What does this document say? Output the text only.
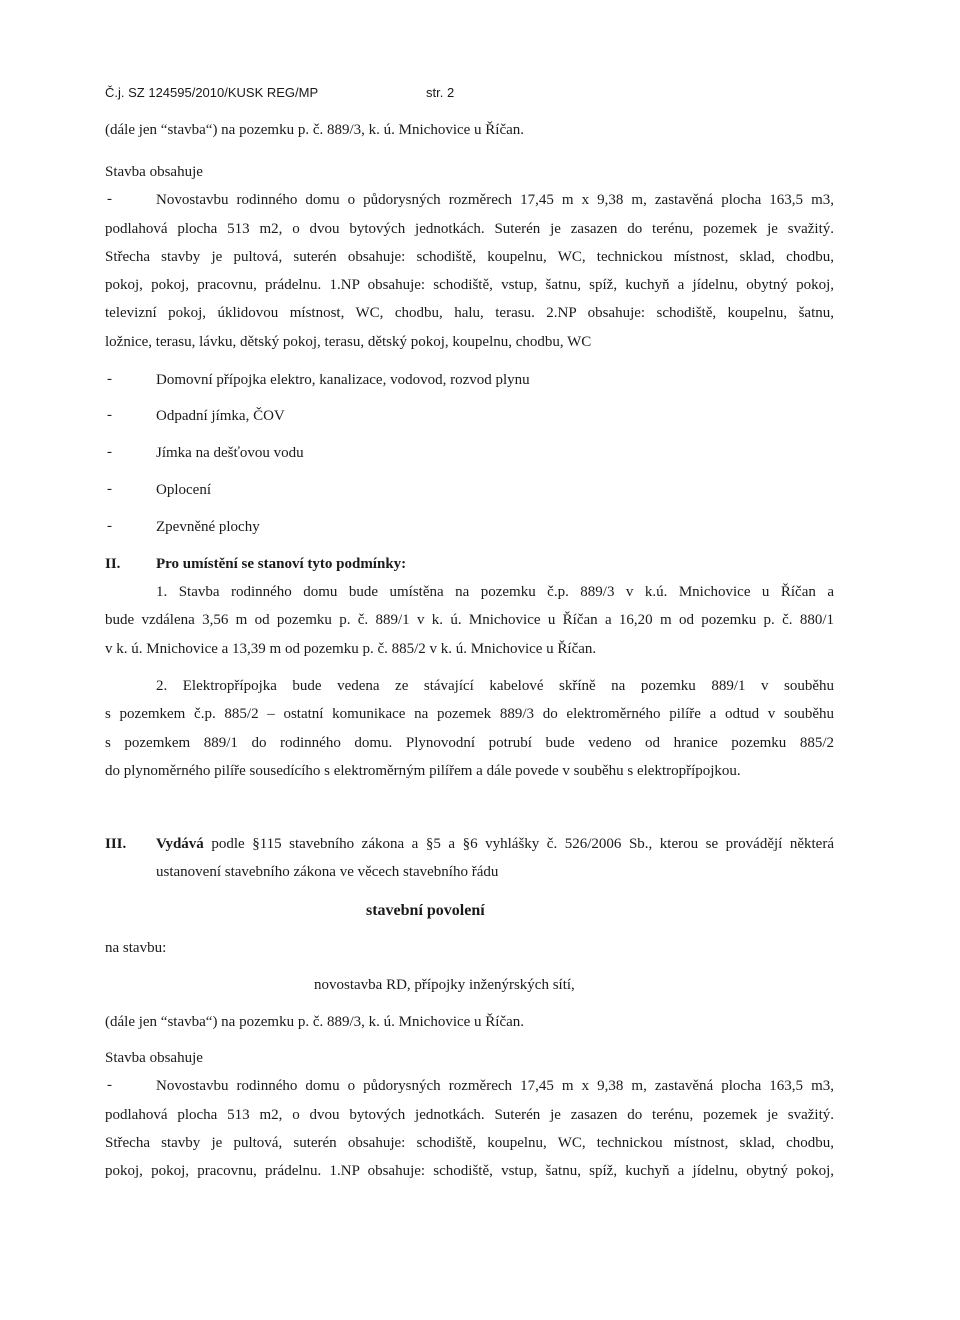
Č.j. SZ 124595/2010/KUSK REG/MP	str. 2
(dále jen “stavba“) na pozemku p. č. 889/3, k. ú. Mnichovice u Říčan.
Stavba obsahuje
-	Novostavbu rodinného domu o půdorysných rozměrech 17,45 m x 9,38 m, zastavěná plocha 163,5 m3,
podlahová plocha 513 m2, o dvou bytových jednotkách. Suterén je zasazen do terénu, pozemek je svažitý.
Střecha stavby je pultová, suterén obsahuje: schodiště, koupelnu, WC, technickou místnost, sklad, chodbu,
pokoj, pokoj, pracovnu, prádelnu. 1.NP obsahuje: schodiště, vstup, šatnu, spíž, kuchyň a jídelnu, obytný pokoj,
televizní pokoj, úklidovou místnost, WC, chodbu, halu, terasu. 2.NP obsahuje: schodiště, koupelnu, šatnu,
ložnice, terasu, lávku, dětský pokoj, terasu, dětský pokoj, koupelnu, chodbu, WC
-	Domovní přípojka elektro, kanalizace, vodovod, rozvod plynu
-	Odpadní jímka, ČOV
-	Jímka na dešťovou vodu
-	Oplocení
-	Zpevněné plochy
II. Pro umístění se stanoví tyto podmínky:
1. Stavba rodinného domu bude umístěna na pozemku č.p. 889/3 v k.ú. Mnichovice u Říčan a
bude vzdálena 3,56 m od pozemku p. č. 889/1 v k. ú. Mnichovice u Říčan a 16,20 m od pozemku p. č. 880/1
v k. ú. Mnichovice a 13,39 m od pozemku p. č. 885/2 v k. ú. Mnichovice u Říčan.
2. Elektropřípojka bude vedena ze stávající kabelové skříně na pozemku 889/1 v souběhu
s pozemkem č.p. 885/2 – ostatní komunikace na pozemek 889/3 do elektroměrného pilíře a odtud v souběhu
s pozemkem 889/1 do rodinného domu. Plynovodní potrubí bude vedeno od hranice pozemku 885/2
do plynoměrného pilíře sousedícího s elektroměrným pilířem a dále povede v souběhu s elektropřípojkou.
III. Vydává podle §115 stavebního zákona a §5 a §6 vyhlášky č. 526/2006 Sb., kterou se provádějí některá
ustanovení stavebního zákona ve věcech stavebního řádu
stavební povolení
na stavbu:
novostavba RD, přípojky inženýrských sítí,
(dále jen “stavba“) na pozemku p. č. 889/3, k. ú. Mnichovice u Říčan.
Stavba obsahuje
-	Novostavbu rodinného domu o půdorysných rozměrech 17,45 m x 9,38 m, zastavěná plocha 163,5 m3,
podlahová plocha 513 m2, o dvou bytových jednotkách. Suterén je zasazen do terénu, pozemek je svažitý.
Střecha stavby je pultová, suterén obsahuje: schodiště, koupelnu, WC, technickou místnost, sklad, chodbu,
pokoj, pokoj, pracovnu, prádelnu. 1.NP obsahuje: schodiště, vstup, šatnu, spíž, kuchyň a jídelnu, obytný pokoj,
